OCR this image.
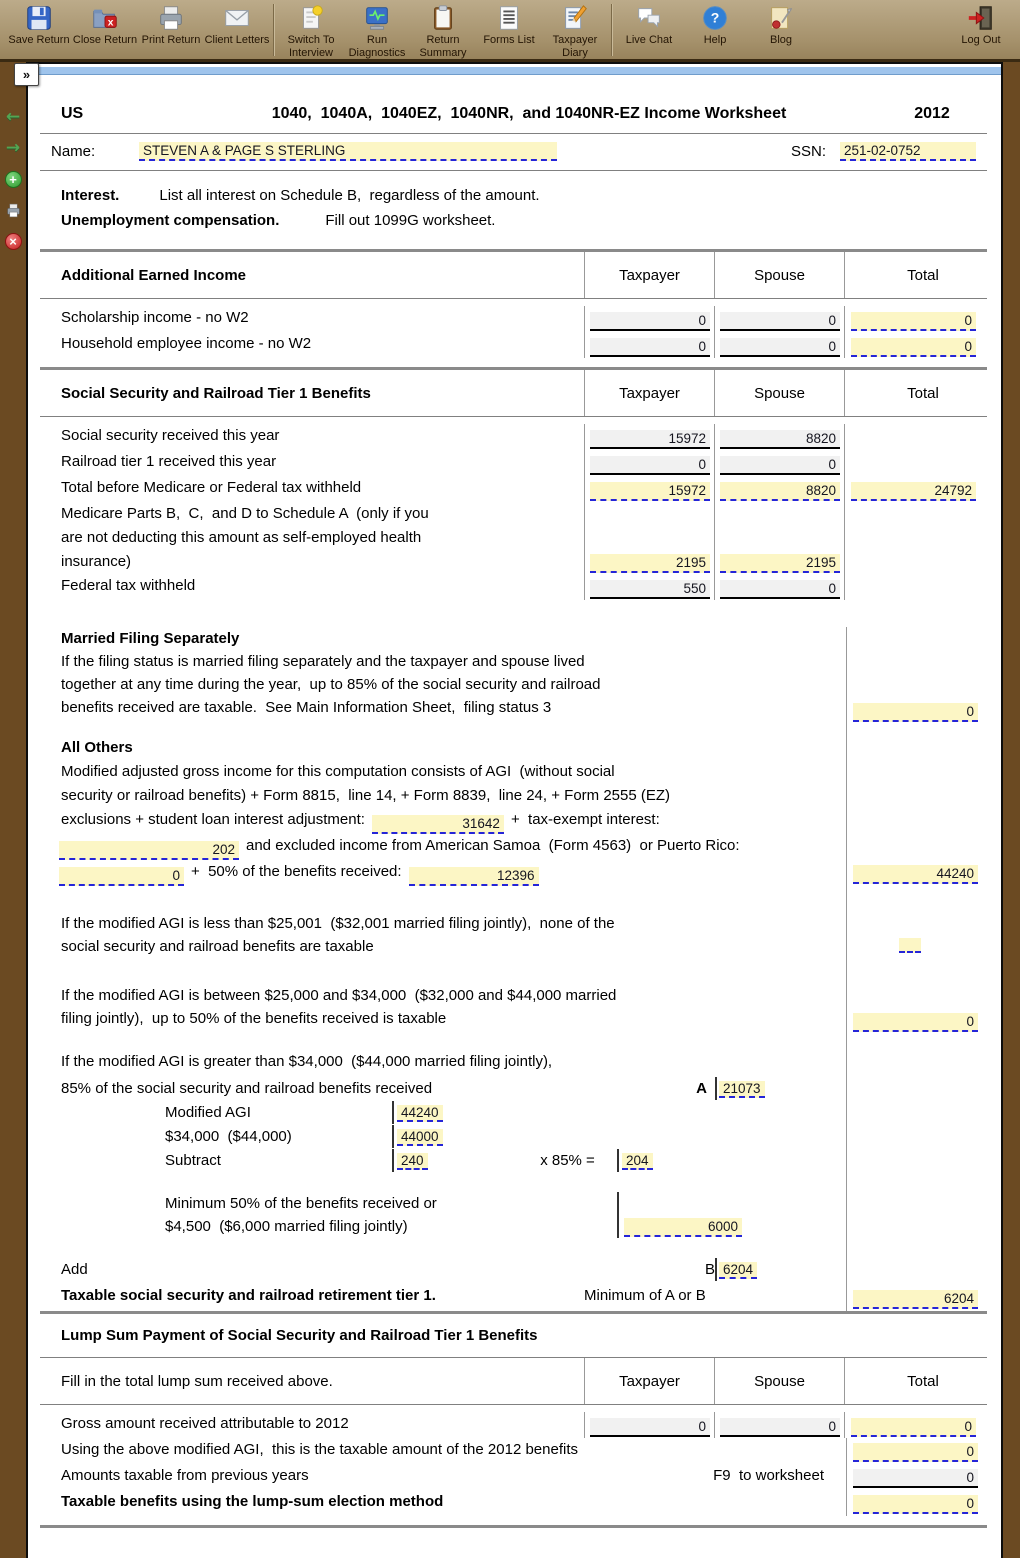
Save Return
x
Close Return Print Return Client Letters	Switch To Interview
Run Diagnostics
Return Summary
Forms List	Taxpayer Diary
Live Chat
?
Help	Blog	Log Out
»
←
→
+
×
US	1040,  1040A,  1040EZ,  1040NR,  and 1040NR-EZ Income Worksheet	2012
Name:	STEVEN A & PAGE S STERLING	SSN: 251-02-0752
Interest.	List all interest on Schedule B,  regardless of the amount.
Unemployment compensation.	Fill out 1099G worksheet.
Additional Earned Income	Taxpayer	Spouse	Total
Scholarship income - no W2	0	0	0
Household employee income - no W2	0	0	0
Social Security and Railroad Tier 1 Benefits	Taxpayer	Spouse	Total
Social security received this year	15972	8820
Railroad tier 1 received this year	0	0
Total before Medicare or Federal tax withheld	15972	8820	24792
Medicare Parts B,  C,  and D to Schedule A  (only if you
are not deducting this amount as self-employed health
insurance)	2195	2195
Federal tax withheld	550	0
Married Filing Separately
If the filing status is married filing separately and the taxpayer and spouse lived
together at any time during the year,  up to 85% of the social security and railroad
benefits received are taxable.  See Main Information Sheet,  filing status 3	0
All Others
Modified adjusted gross income for this computation consists of AGI  (without social
security or railroad benefits) + Form 8815,  line 14, + Form 8839,  line 24, + Form 2555 (EZ)
exclusions + student loan interest adjustment:	31642 +  tax-exempt interest:
202 and excluded income from American Samoa  (Form 4563)  or Puerto Rico:
0 +  50% of the benefits received:	12396	44240
If the modified AGI is less than $25,001  ($32,001 married filing jointly),  none of the
social security and railroad benefits are taxable
If the modified AGI is between $25,000 and $34,000  ($32,000 and $44,000 married
filing jointly),  up to 50% of the benefits received is taxable	0
If the modified AGI is greater than $34,000  ($44,000 married filing jointly),
85% of the social security and railroad benefits received	A	21073
Modified AGI	44240
$34,000  ($44,000)	44000
Subtract	240	x 85% =	204
Minimum 50% of the benefits received or
$4,500  ($6,000 married filing jointly)	6000
Add	B 6204
Taxable social security and railroad retirement tier 1.	Minimum of A or B	6204
Lump Sum Payment of Social Security and Railroad Tier 1 Benefits
Fill in the total lump sum received above.	Taxpayer	Spouse	Total
Gross amount received attributable to 2012	0	0	0
Using the above modified AGI,  this is the taxable amount of the 2012 benefits	0
Amounts taxable from previous years	F9  to worksheet	0
Taxable benefits using the lump-sum election method	0
